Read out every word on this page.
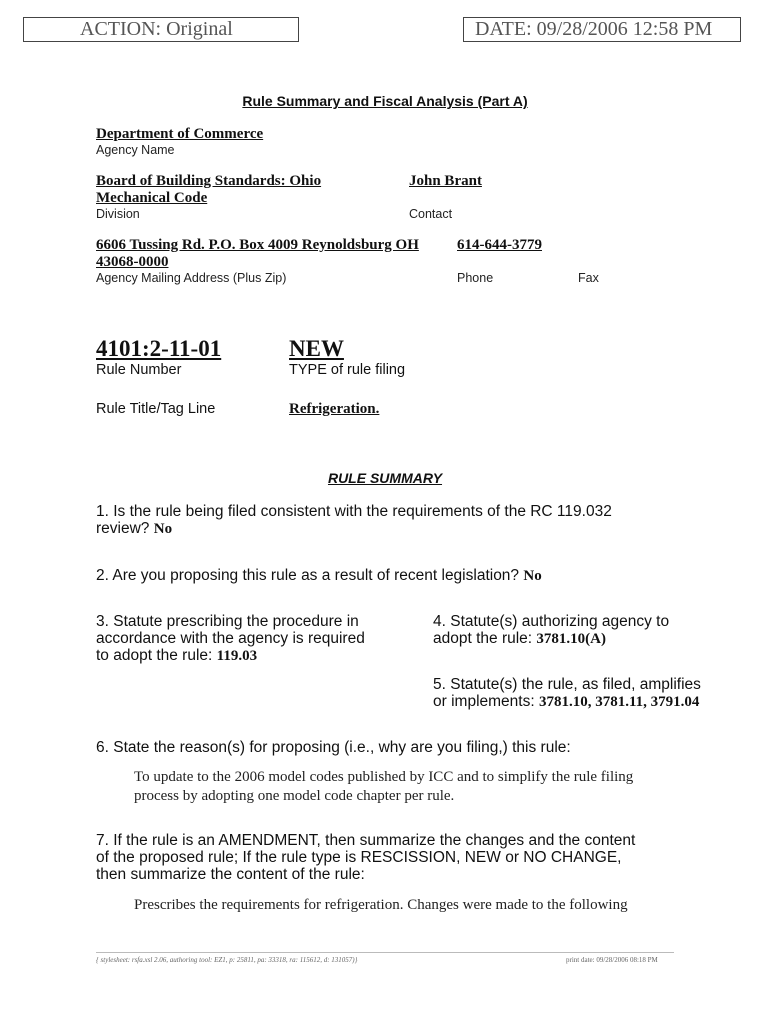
ACTION: Original	DATE: 09/28/2006 12:58 PM
Rule Summary and Fiscal Analysis (Part A)
Department of Commerce
Agency Name
Board of Building Standards: Ohio
Mechanical Code
Division
John Brant
Contact
6606 Tussing Rd. P.O. Box 4009 Reynoldsburg OH
43068-0000
Agency Mailing Address (Plus Zip)
614-644-3779
Phone	Fax
4101:2-11-01
Rule Number
NEW
TYPE of rule filing
Rule Title/Tag Line	Refrigeration.
RULE SUMMARY
1. Is the rule being filed consistent with the requirements of the RC 119.032
review? No
2. Are you proposing this rule as a result of recent legislation? No
3. Statute prescribing the procedure in
accordance with the agency is required
to adopt the rule: 119.03
4. Statute(s) authorizing agency to
adopt the rule: 3781.10(A)
5. Statute(s) the rule, as filed, amplifies
or implements: 3781.10, 3781.11, 3791.04
6. State the reason(s) for proposing (i.e., why are you filing,) this rule:
To update to the 2006 model codes published by ICC and to simplify the rule filing
process by adopting one model code chapter per rule.
7. If the rule is an AMENDMENT, then summarize the changes and the content
of the proposed rule; If the rule type is RESCISSION, NEW or NO CHANGE,
then summarize the content of the rule:
Prescribes the requirements for refrigeration. Changes were made to the following
{ stylesheet: rsfa.xsl 2.06, authoring tool: EZ1, p: 25811, pa: 33318, ra: 115612, d: 131057)}	print date: 09/28/2006 08:18 PM
